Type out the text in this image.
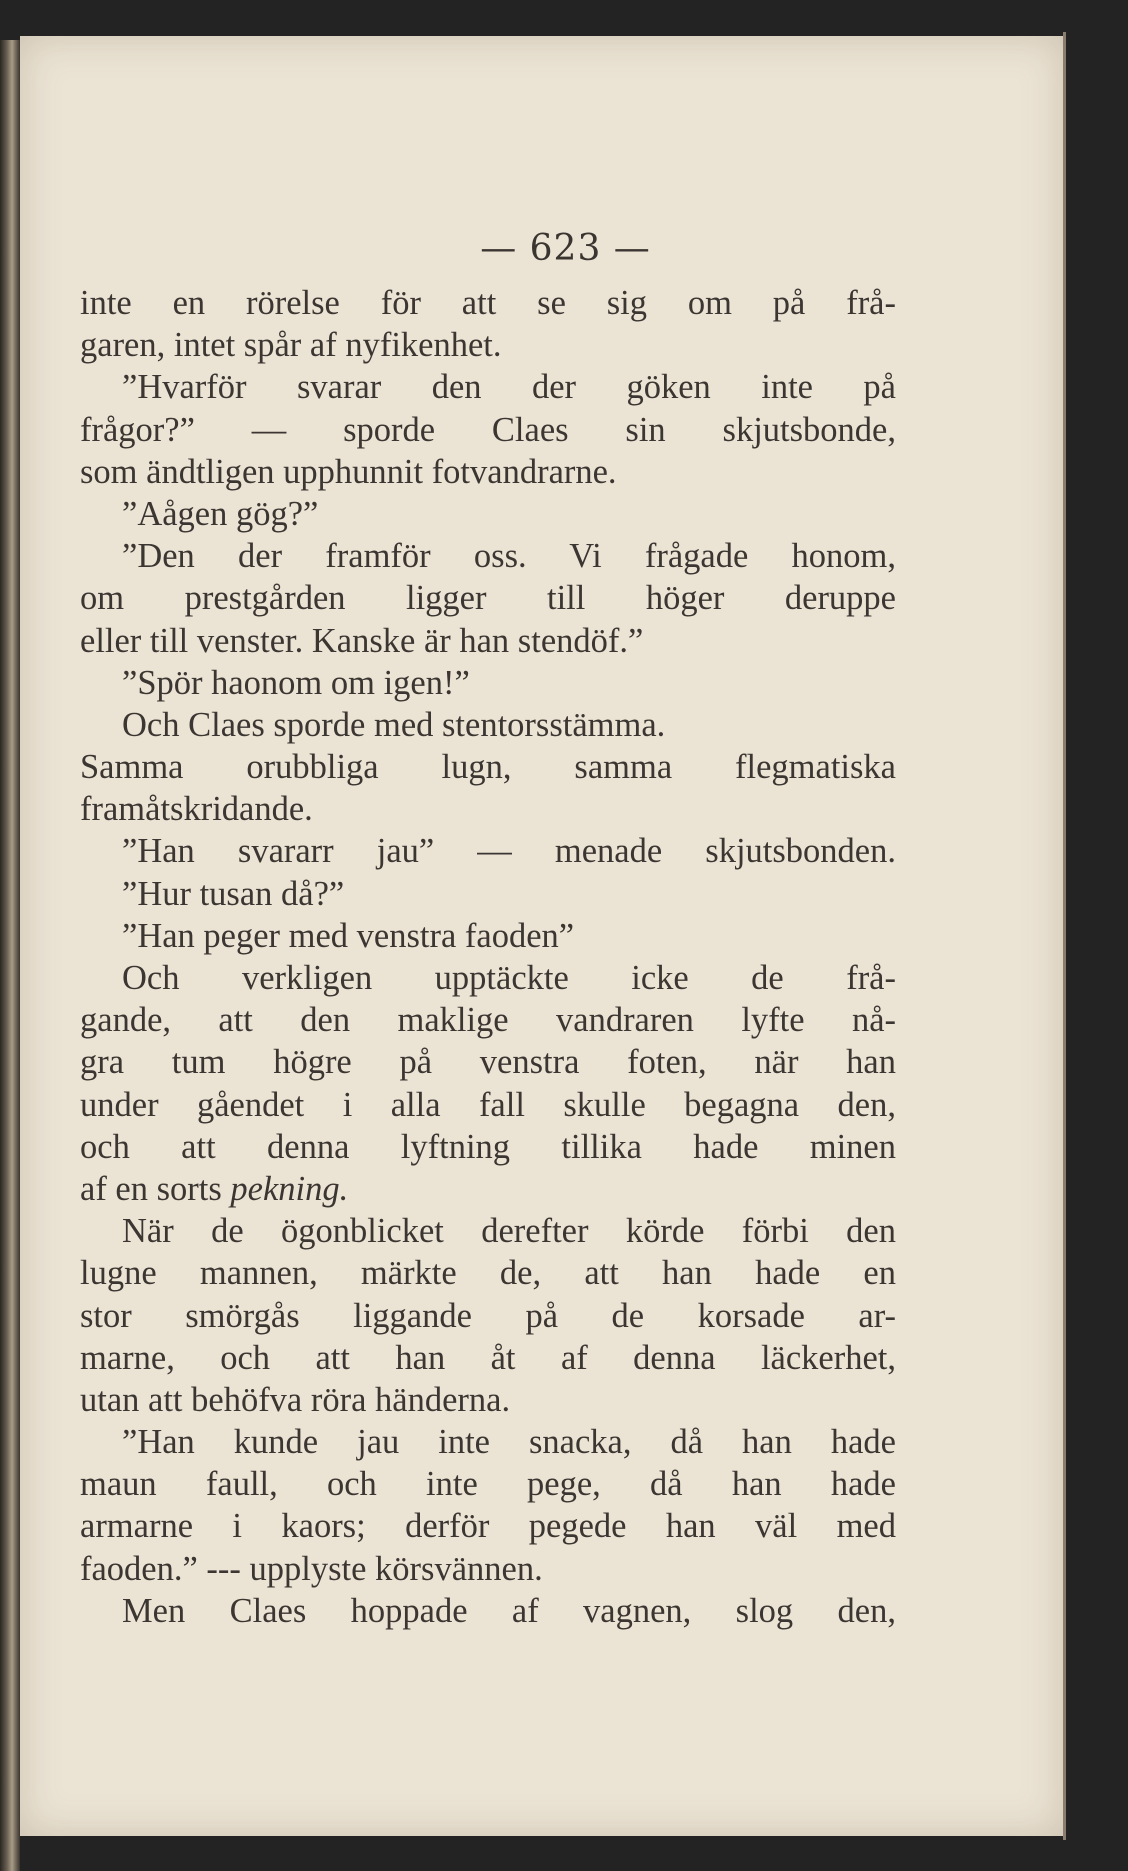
— 623 —
inte en rörelse för att se sig om på frå-
garen, intet spår af nyfikenhet.
”Hvarför svarar den der göken inte på
frågor?” — sporde Claes sin skjutsbonde,
som ändtligen upphunnit fotvandrarne.
”Aågen gög?”
”Den der framför oss. Vi frågade honom,
om prestgården ligger till höger deruppe
eller till venster. Kanske är han stendöf.”
”Spör haonom om igen!”
Och Claes sporde med stentorsstämma.
Samma orubbliga lugn, samma flegmatiska
framåtskridande.
”Han svararr jau” — menade skjutsbonden.
”Hur tusan då?”
”Han peger med venstra faoden”
Och verkligen upptäckte icke de frå-
gande, att den maklige vandraren lyfte nå-
gra tum högre på venstra foten, när han
under gåendet i alla fall skulle begagna den,
och att denna lyftning tillika hade minen
af en sorts pekning.
När de ögonblicket derefter körde förbi den
lugne mannen, märkte de, att han hade en
stor smörgås liggande på de korsade ar-
marne, och att han åt af denna läckerhet,
utan att behöfva röra händerna.
”Han kunde jau inte snacka, då han hade
maun faull, och inte pege, då han hade
armarne i kaors; derför pegede han väl med
faoden.” --- upplyste körsvännen.
Men Claes hoppade af vagnen, slog den,
